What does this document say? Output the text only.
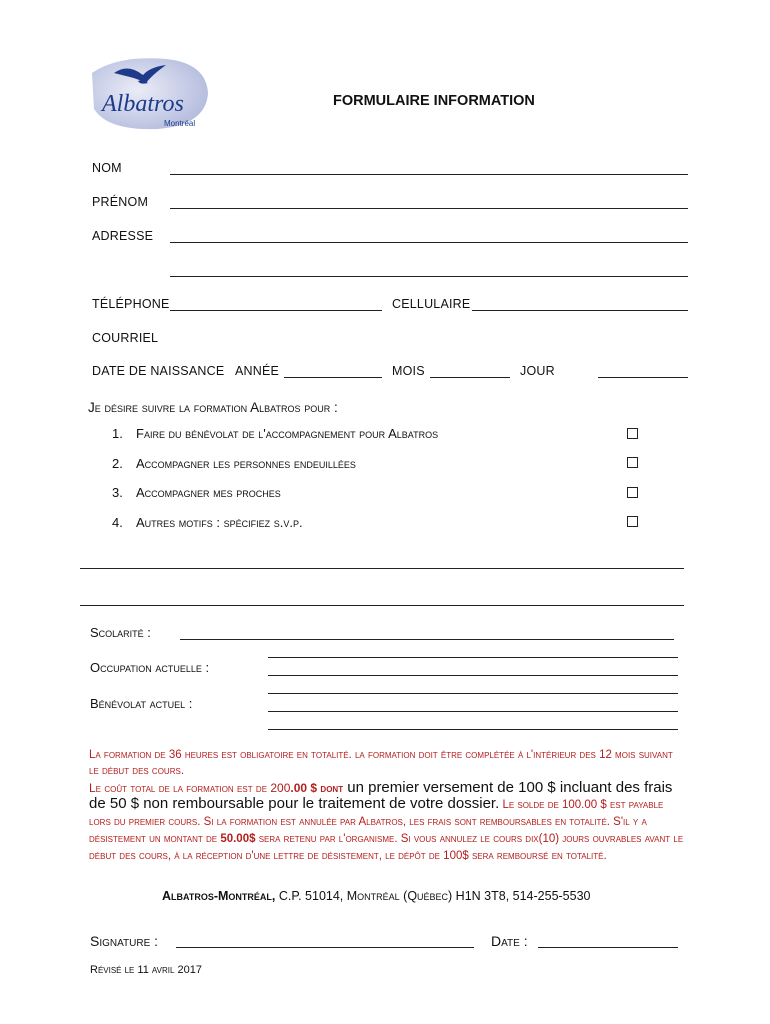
Albatros
Montréal
FORMULAIRE INFORMATION
NOM
PRÉNOM
ADRESSE
TÉLÉPHONE	CELLULAIRE
COURRIEL
DATE DE NAISSANCE ANNÉE	MOIS	JOUR
Je désire suivre la formation Albatros pour :
1. Faire du bénévolat de l'accompagnement pour Albatros
2. Accompagner les personnes endeuillées
3. Accompagner mes proches
4. Autres motifs : spécifiez s.v.p.
Scolarité :
Occupation actuelle :
Bénévolat actuel :
La formation de 36 heures est obligatoire en totalité. la formation doit être complétée à l'intérieur des 12 mois suivant le début des cours.
Le coût total de la formation est de 200.00 $ dont un premier versement de 100 $ incluant des frais de 50 $ non remboursable pour le traitement de votre dossier. Le solde de 100.00 $ est payable lors du premier cours. Si la formation est annulée par Albatros, les frais sont remboursables en totalité. S'il y a désistement un montant de 50.00$ sera retenu par l'organisme. Si vous annulez le cours dix(10) jours ouvrables avant le début des cours, à la réception d'une lettre de désistement, le dépôt de 100$ sera remboursé en totalité.
Albatros-Montréal, C.P. 51014, Montréal (Québec) H1N 3T8, 514-255-5530
Signature :	Date :
Révisé le 11 avril 2017
